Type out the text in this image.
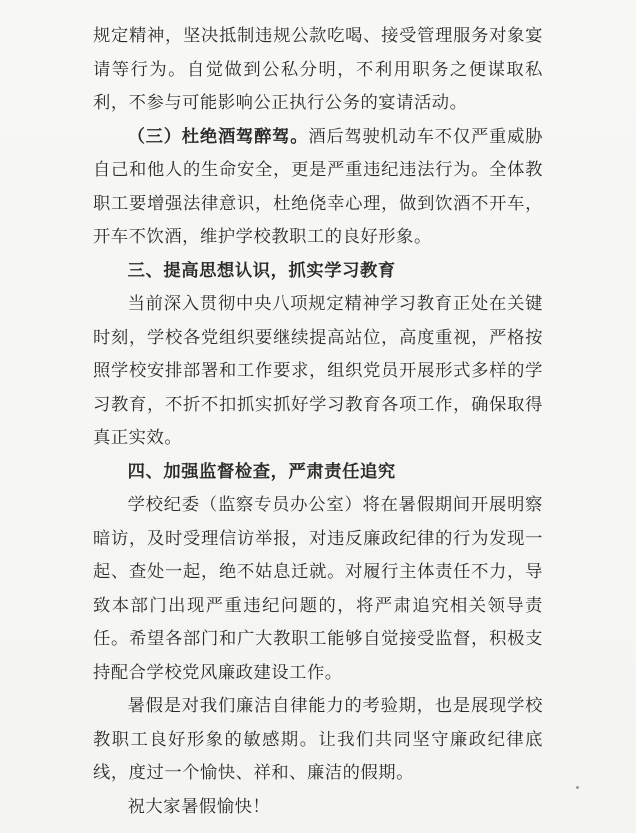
规定精神，坚决抵制违规公款吃喝、接受管理服务对象宴请等行为。自觉做到公私分明，不利用职务之便谋取私利，不参与可能影响公正执行公务的宴请活动。

（三）杜绝酒驾醉驾。酒后驾驶机动车不仅严重威胁自己和他人的生命安全，更是严重违纪违法行为。全体教职工要增强法律意识，杜绝侥幸心理，做到饮酒不开车，开车不饮酒，维护学校教职工的良好形象。

三、提高思想认识，抓实学习教育

当前深入贯彻中央八项规定精神学习教育正处在关键时刻，学校各党组织要继续提高站位，高度重视，严格按照学校安排部署和工作要求，组织党员开展形式多样的学习教育，不折不扣抓实抓好学习教育各项工作，确保取得真正实效。

四、加强监督检查，严肃责任追究

学校纪委（监察专员办公室）将在暑假期间开展明察暗访，及时受理信访举报，对违反廉政纪律的行为发现一起、查处一起，绝不姑息迁就。对履行主体责任不力，导致本部门出现严重违纪问题的，将严肃追究相关领导责任。希望各部门和广大教职工能够自觉接受监督，积极支持配合学校党风廉政建设工作。

暑假是对我们廉洁自律能力的考验期，也是展现学校教职工良好形象的敏感期。让我们共同坚守廉政纪律底线，度过一个愉快、祥和、廉洁的假期。

祝大家暑假愉快！
